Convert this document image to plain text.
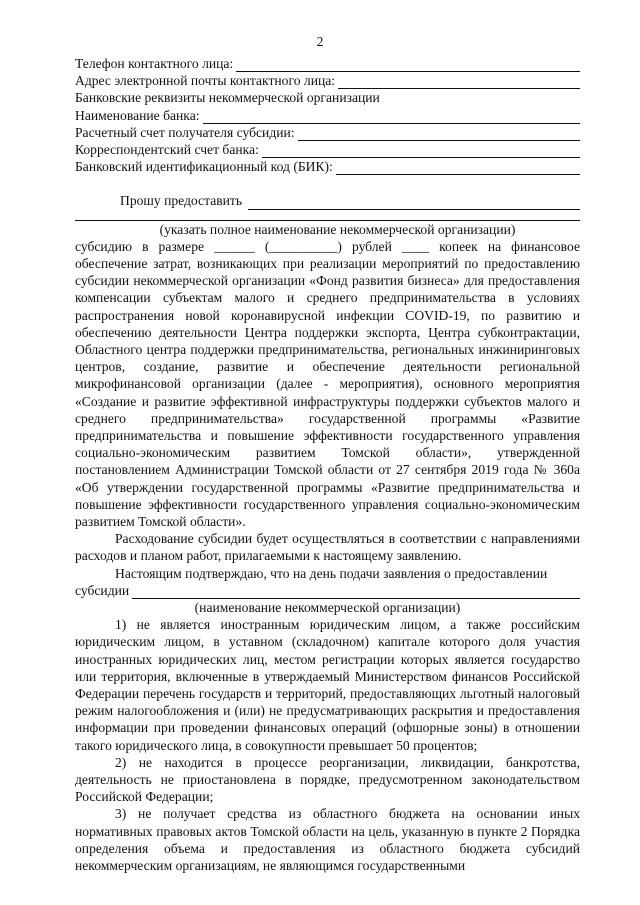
2
Телефон контактного лица:
Адрес электронной почты контактного лица:
Банковские реквизиты некоммерческой организации
Наименование банка:
Расчетный счет получателя субсидии:
Корреспондентский счет банка:
Банковский идентификационный код (БИК):
Прошу предоставить
(указать полное наименование некоммерческой организации)

субсидию в размере ______ (__________) рублей ____ копеек на финансовое обеспечение затрат, возникающих при реализации мероприятий по предоставлению субсидии некоммерческой организации «Фонд развития бизнеса» для предоставления компенсации субъектам малого и среднего предпринимательства в условиях распространения новой коронавирусной инфекции COVID-19, по развитию и обеспечению деятельности Центра поддержки экспорта, Центра субконтрактации, Областного центра поддержки предпринимательства, региональных инжиниринговых центров, создание, развитие и обеспечение деятельности региональной микрофинансовой организации (далее - мероприятия), основного мероприятия «Создание и развитие эффективной инфраструктуры поддержки субъектов малого и среднего предпринимательства» государственной программы «Развитие предпринимательства и повышение эффективности государственного управления социально-экономическим развитием Томской области», утвержденной постановлением Администрации Томской области от 27 сентября 2019 года № 360а «Об утверждении государственной программы «Развитие предпринимательства и повышение эффективности государственного управления социально-экономическим развитием Томской области».

Расходование субсидии будет осуществляться в соответствии с направлениями расходов и планом работ, прилагаемыми к настоящему заявлению.

Настоящим подтверждаю, что на день подачи заявления о предоставлении

субсидии
(наименование некоммерческой организации)

1) не является иностранным юридическим лицом, а также российским юридическим лицом, в уставном (складочном) капитале которого доля участия иностранных юридических лиц, местом регистрации которых является государство или территория, включенные в утверждаемый Министерством финансов Российской Федерации перечень государств и территорий, предоставляющих льготный налоговый режим налогообложения и (или) не предусматривающих раскрытия и предоставления информации при проведении финансовых операций (офшорные зоны) в отношении такого юридического лица, в совокупности превышает 50 процентов;

2) не находится в процессе реорганизации, ликвидации, банкротства, деятельность не приостановлена в порядке, предусмотренном законодательством Российской Федерации;

3) не получает средства из областного бюджета на основании иных нормативных правовых актов Томской области на цель, указанную в пункте 2 Порядка определения объема и предоставления из областного бюджета субсидий некоммерческим организациям, не являющимся государственными
